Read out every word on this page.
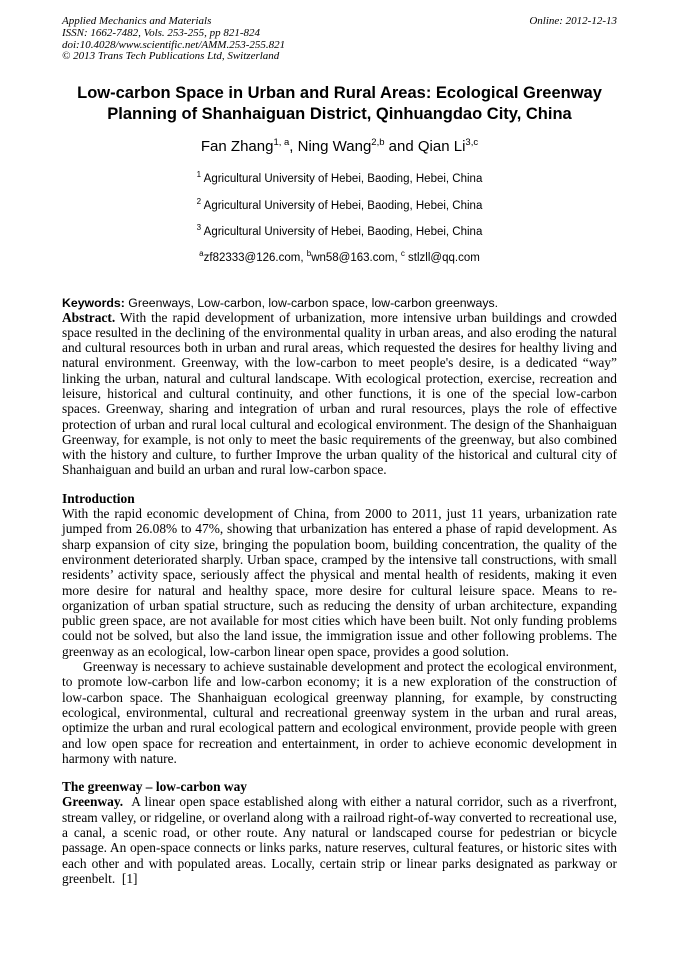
Applied Mechanics and Materials
ISSN: 1662-7482, Vols. 253-255, pp 821-824
doi:10.4028/www.scientific.net/AMM.253-255.821
© 2013 Trans Tech Publications Ltd, Switzerland
Online: 2012-12-13
Low-carbon Space in Urban and Rural Areas: Ecological Greenway Planning of Shanhaiguan District, Qinhuangdao City, China
Fan Zhang$^{1, a}$, Ning Wang$^{2,b}$ and Qian Li$^{3,c}$
$^1$ Agricultural University of Hebei, Baoding, Hebei, China
$^2$ Agricultural University of Hebei, Baoding, Hebei, China
$^3$ Agricultural University of Hebei, Baoding, Hebei, China
$^a$zf82333@126.com, $^b$wn58@163.com, $^c$ stlzll@qq.com

Keywords: Greenways, Low-carbon, low-carbon space, low-carbon greenways.

Abstract. With the rapid development of urbanization, more intensive urban buildings and crowded space resulted in the declining of the environmental quality in urban areas, and also eroding the natural and cultural resources both in urban and rural areas, which requested the desires for healthy living and natural environment. Greenway, with the low-carbon to meet people's desire, is a dedicated “way” linking the urban, natural and cultural landscape. With ecological protection, exercise, recreation and leisure, historical and cultural continuity, and other functions, it is one of the special low-carbon spaces. Greenway, sharing and integration of urban and rural resources, plays the role of effective protection of urban and rural local cultural and ecological environment. The design of the Shanhaiguan Greenway, for example, is not only to meet the basic requirements of the greenway, but also combined with the history and culture, to further Improve the urban quality of the historical and cultural city of Shanhaiguan and build an urban and rural low-carbon space.

Introduction

With the rapid economic development of China, from 2000 to 2011, just 11 years, urbanization rate jumped from 26.08% to 47%, showing that urbanization has entered a phase of rapid development. As sharp expansion of city size, bringing the population boom, building concentration, the quality of the environment deteriorated sharply. Urban space, cramped by the intensive tall constructions, with small residents’ activity space, seriously affect the physical and mental health of residents, making it even more desire for natural and healthy space, more desire for cultural leisure space. Means to re-organization of urban spatial structure, such as reducing the density of urban architecture, expanding public green space, are not available for most cities which have been built. Not only funding problems could not be solved, but also the land issue, the immigration issue and other following problems. The greenway as an ecological, low-carbon linear open space, provides a good solution.

Greenway is necessary to achieve sustainable development and protect the ecological environment, to promote low-carbon life and low-carbon economy; it is a new exploration of the construction of low-carbon space. The Shanhaiguan ecological greenway planning, for example, by constructing ecological, environmental, cultural and recreational greenway system in the urban and rural areas, optimize the urban and rural ecological pattern and ecological environment, provide people with green and low open space for recreation and entertainment, in order to achieve economic development in harmony with nature.

The greenway – low-carbon way

Greenway.  A linear open space established along with either a natural corridor, such as a riverfront, stream valley, or ridgeline, or overland along with a railroad right-of-way converted to recreational use, a canal, a scenic road, or other route. Any natural or landscaped course for pedestrian or bicycle passage. An open-space connects or links parks, nature reserves, cultural features, or historic sites with each other and with populated areas. Locally, certain strip or linear parks designated as parkway or greenbelt.  [1]
